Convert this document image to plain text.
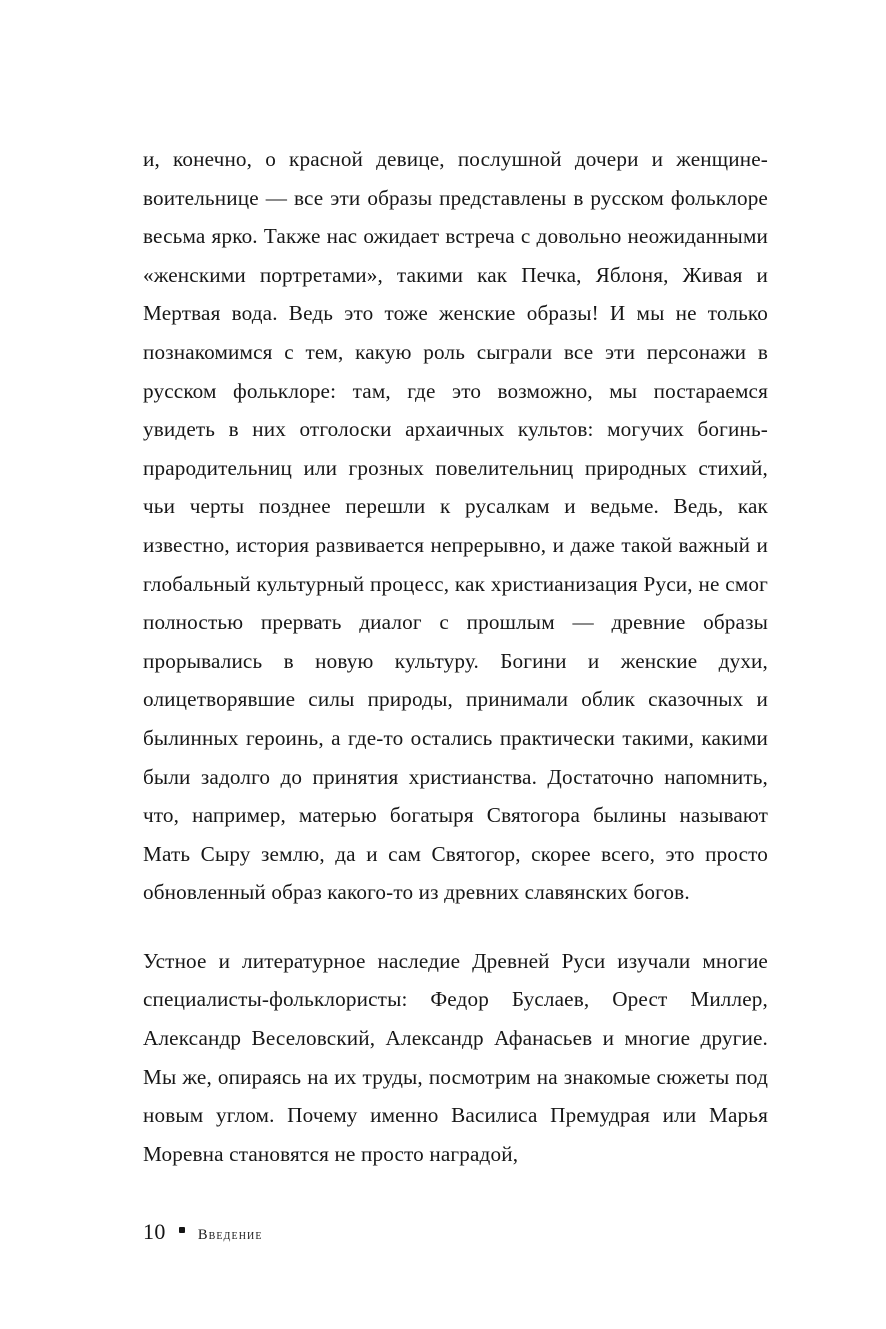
и, конечно, о красной девице, послушной дочери и женщине-воительнице — все эти образы представлены в русском фольклоре весьма ярко. Также нас ожидает встреча с довольно неожиданными «женскими портретами», такими как Печка, Яблоня, Живая и Мертвая вода. Ведь это тоже женские образы! И мы не только познакомимся с тем, какую роль сыграли все эти персонажи в русском фольклоре: там, где это возможно, мы постараемся увидеть в них отголоски архаичных культов: могучих богинь-прародительниц или грозных повелительниц природных стихий, чьи черты позднее перешли к русалкам и ведьме. Ведь, как известно, история развивается непрерывно, и даже такой важный и глобальный культурный процесс, как христианизация Руси, не смог полностью прервать диалог с прошлым — древние образы прорывались в новую культуру. Богини и женские духи, олицетворявшие силы природы, принимали облик сказочных и былинных героинь, а где-то остались практически такими, какими были задолго до принятия христианства. Достаточно напомнить, что, например, матерью богатыря Святогора былины называют Мать Сыру землю, да и сам Святогор, скорее всего, это просто обновленный образ какого-то из древних славянских богов.

Устное и литературное наследие Древней Руси изучали многие специалисты-фольклористы: Федор Буслаев, Орест Миллер, Александр Веселовский, Александр Афанасьев и многие другие. Мы же, опираясь на их труды, посмотрим на знакомые сюжеты под новым углом. Почему именно Василиса Премудрая или Марья Моревна становятся не просто наградой,

10 Введение
